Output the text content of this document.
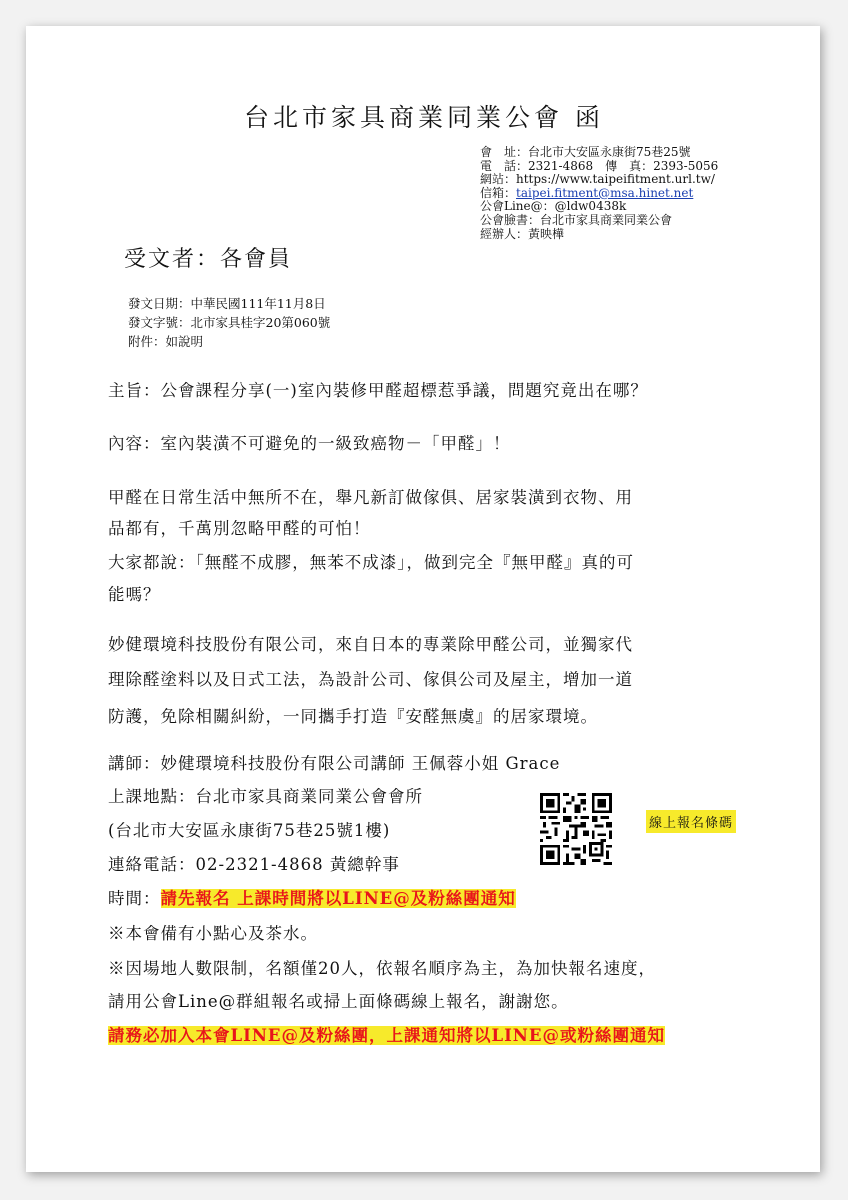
台北市家具商業同業公會 函
會　址：台北市大安區永康街75巷25號
電　話：2321-4868　傳　真：2393-5056
網站：https://www.taipeifitment.url.tw/
信箱：taipei.fitment@msa.hinet.net
公會Line@：@ldw0438k
公會臉書：台北市家具商業同業公會
經辦人：黃映樺
受文者：各會員
發文日期：中華民國111年11月8日
發文字號：北市家具桂字20第060號
附件：如說明
主旨：公會課程分享(一)室內裝修甲醛超標惹爭議，問題究竟出在哪？
內容：室內裝潢不可避免的一級致癌物－「甲醛」！
甲醛在日常生活中無所不在，舉凡新訂做傢俱、居家裝潢到衣物、用
品都有，千萬別忽略甲醛的可怕！
大家都說：「無醛不成膠，無苯不成漆」，做到完全『無甲醛』真的可
能嗎？
妙健環境科技股份有限公司，來自日本的專業除甲醛公司，並獨家代
理除醛塗料以及日式工法，為設計公司、傢俱公司及屋主，增加一道
防護，免除相關糾紛，一同攜手打造『安醛無虞』的居家環境。
講師：妙健環境科技股份有限公司講師 王佩蓉小姐 Grace
上課地點：台北市家具商業同業公會會所
(台北市大安區永康街75巷25號1樓)
連絡電話：02-2321-4868 黃總幹事
時間：請先報名 上課時間將以LINE@及粉絲團通知
※本會備有小點心及茶水。
※因場地人數限制，名額僅20人，依報名順序為主，為加快報名速度，
請用公會Line@群組報名或掃上面條碼線上報名，謝謝您。
請務必加入本會LINE@及粉絲團，上課通知將以LINE@或粉絲團通知
線上報名條碼
